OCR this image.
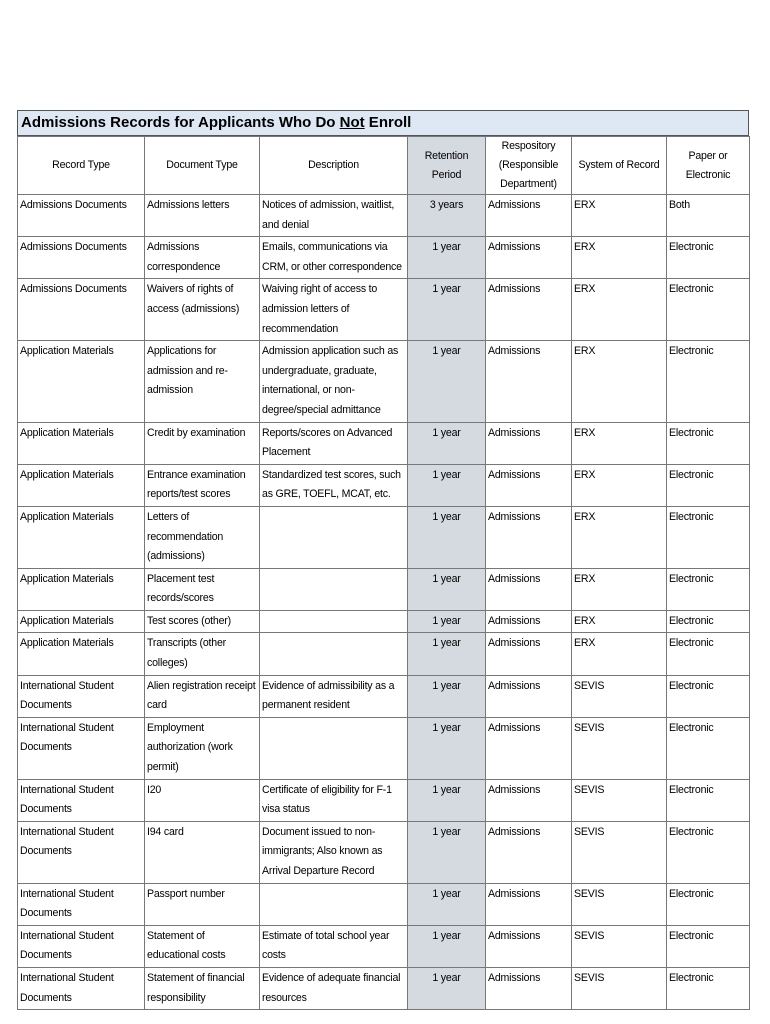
Admissions Records for Applicants Who Do Not Enroll
Record Type	Document Type	Description	Retention Period	Respository (Responsible Department)	System of Record	Paper or Electronic
Admissions Documents	Admissions letters	Notices of admission, waitlist, and denial	3 years	Admissions	ERX	Both
Admissions Documents	Admissions correspondence	Emails, communications via CRM, or other correspondence	1 year	Admissions	ERX	Electronic
Admissions Documents	Waivers of rights of access (admissions)	Waiving right of access to admission letters of recommendation	1 year	Admissions	ERX	Electronic
Application Materials	Applications for admission and re-admission	Admission application such as undergraduate, graduate, international, or non-degree/special admittance	1 year	Admissions	ERX	Electronic
Application Materials	Credit by examination	Reports/scores on Advanced Placement	1 year	Admissions	ERX	Electronic
Application Materials	Entrance examination reports/test scores	Standardized test scores, such as GRE, TOEFL, MCAT, etc.	1 year	Admissions	ERX	Electronic
Application Materials	Letters of recommendation (admissions)		1 year	Admissions	ERX	Electronic
Application Materials	Placement test records/scores		1 year	Admissions	ERX	Electronic
Application Materials	Test scores (other)		1 year	Admissions	ERX	Electronic
Application Materials	Transcripts (other colleges)		1 year	Admissions	ERX	Electronic
International Student Documents	Alien registration receipt card	Evidence of admissibility as a permanent resident	1 year	Admissions	SEVIS	Electronic
International Student Documents	Employment authorization (work permit)		1 year	Admissions	SEVIS	Electronic
International Student Documents	I20	Certificate of eligibility for F-1 visa status	1 year	Admissions	SEVIS	Electronic
International Student Documents	I94 card	Document issued to non-immigrants; Also known as Arrival Departure Record	1 year	Admissions	SEVIS	Electronic
International Student Documents	Passport number		1 year	Admissions	SEVIS	Electronic
International Student Documents	Statement of educational costs	Estimate of total school year costs	1 year	Admissions	SEVIS	Electronic
International Student Documents	Statement of financial responsibility	Evidence of adequate financial resources	1 year	Admissions	SEVIS	Electronic
